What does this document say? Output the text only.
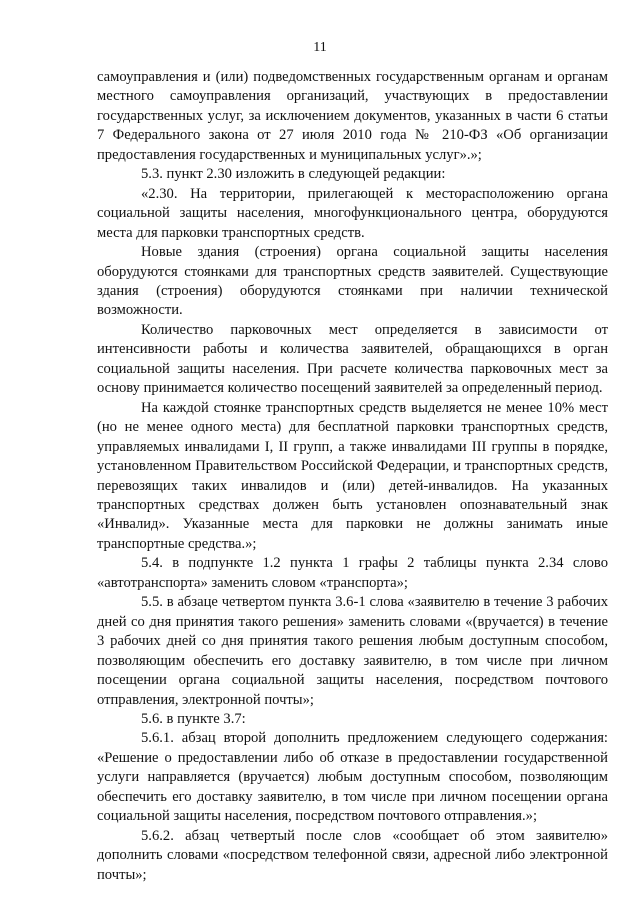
11

самоуправления и (или) подведомственных государственным органам и органам местного самоуправления организаций, участвующих в предоставлении государственных услуг, за исключением документов, указанных в части 6 статьи 7 Федерального закона от 27 июля 2010 года № 210-ФЗ «Об организации предоставления государственных и муниципальных услуг».»;

5.3. пункт 2.30 изложить в следующей редакции:

«2.30. На территории, прилегающей к месторасположению органа социальной защиты населения, многофункционального центра, оборудуются места для парковки транспортных средств.

Новые здания (строения) органа социальной защиты населения оборудуются стоянками для транспортных средств заявителей. Существующие здания (строения) оборудуются стоянками при наличии технической возможности.

Количество парковочных мест определяется в зависимости от интенсивности работы и количества заявителей, обращающихся в орган социальной защиты населения. При расчете количества парковочных мест за основу принимается количество посещений заявителей за определенный период.

На каждой стоянке транспортных средств выделяется не менее 10% мест (но не менее одного места) для бесплатной парковки транспортных средств, управляемых инвалидами I, II групп, а также инвалидами III группы в порядке, установленном Правительством Российской Федерации, и транспортных средств, перевозящих таких инвалидов и (или) детей-инвалидов. На указанных транспортных средствах должен быть установлен опознавательный знак «Инвалид». Указанные места для парковки не должны занимать иные транспортные средства.»;

5.4. в подпункте 1.2 пункта 1 графы 2 таблицы пункта 2.34 слово «автотранспорта» заменить словом «транспорта»;

5.5. в абзаце четвертом пункта 3.6-1 слова «заявителю в течение 3 рабочих дней со дня принятия такого решения» заменить словами «(вручается) в течение 3 рабочих дней со дня принятия такого решения любым доступным способом, позволяющим обеспечить его доставку заявителю, в том числе при личном посещении органа социальной защиты населения, посредством почтового отправления, электронной почты»;

5.6. в пункте 3.7:

5.6.1. абзац второй дополнить предложением следующего содержания: «Решение о предоставлении либо об отказе в предоставлении государственной услуги направляется (вручается) любым доступным способом, позволяющим обеспечить его доставку заявителю, в том числе при личном посещении органа социальной защиты населения, посредством почтового отправления.»;

5.6.2. абзац четвертый после слов «сообщает об этом заявителю» дополнить словами «посредством телефонной связи, адресной либо электронной почты»;
